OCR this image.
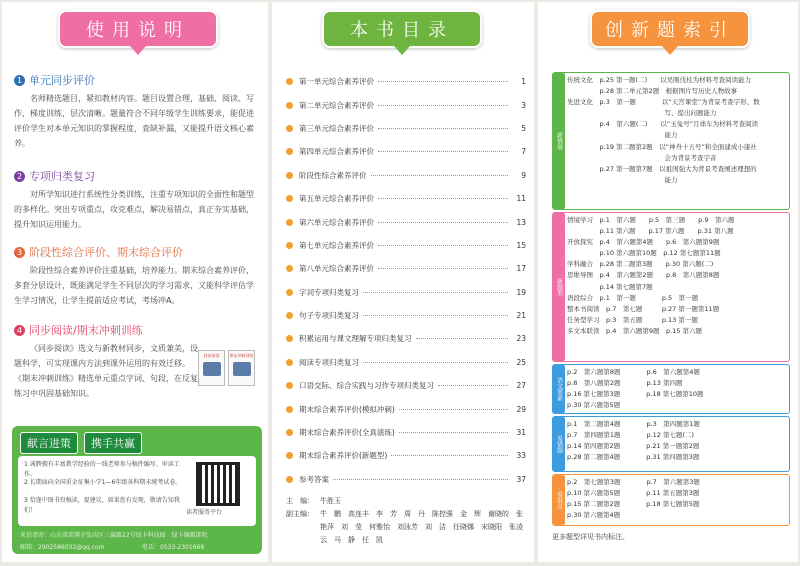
使用说明
1 单元同步评价

名师精选题目，紧扣教材内容。题目设置合理，基础、阅读、写作，梯度训练，层次清晰。题量符合不同年级学生训练要求，能促进评价学生对本单元知识的掌握程度，查缺补漏，又能提升语文核心素养。

2 专项归类复习

对所学知识进行系统性分类训练，注重专项知识的全面性和题型的多样化。突出专项重点，攻克难点，解决易错点，真正夯实基础，提升知识运用能力。

3 阶段性综合评价、期末综合评价

阶段性综合素养评价注重基础，培养能力。期末综合素养评价，多套分层设计，既能满足学生不同层次的学习需求，又能科学评估学生学习情况，让学生提前适应考试，考场冲A。

4 同步阅读/期末冲刺训练

《同步阅读》选文与新教材同步，文质兼美，设题科学，可实现课内方法到课外运用的有效迁移。《期末冲刺训练》精选单元重点字词、句段，在反复练习中巩固基础知识。

同步阅读	期末冲刺训练
献言进策	携手共赢
1 诚聘拥有丰富教学经验的一线老师参与稿件编写、审读工作。
2 长期面向全国重金征集小学1—6年级各科期末统考试卷。
3 恰逢中图书投稿读，提建议，如果您有发现，敬请告知我们！	读者服务平台
来信请寄：山东省淄博市张店区三赢路22号绿卡科技园　绿卡编辑部收
邮箱：2902586032@qq.com	电话：0533-2301668
本书目录
第一单元综合素养评价	1
第二单元综合素养评价	3
第三单元综合素养评价	5
第四单元综合素养评价	7
阶段性综合素养评价	9
第五单元综合素养评价	11
第六单元综合素养评价	13
第七单元综合素养评价	15
第八单元综合素养评价	17
字词专项归类复习	19
句子专项归类复习	21
积累运用与课文理解专项归类复习	23
阅读专项归类复习	25
口语交际、综合实践与习作专项归类复习	27
期末综合素养评价(模拟冲刺)	29
期末综合素养评价(全真演练)	31
期末综合素养评价(新题型)	33
参考答案	37
主　编： 牛胜玉
副主编： 牛　鹏　高连丰　李　芳　周　丹　陈控强　金　辉　谢晓皎　张艳萍　刘　莹　何雅怡　刘泳芳　刘　洁　任晓娜　宋晓阳　张凌云　马　静　任　凯
创新题索引
新情境
传统文化　p.25 第一题(二)　　以吴刚伐桂为材料考查阅读能力
　　　　　p.28 第二单元第2题　根据图片写历史人物故事
先进文化　p.3　第一题　　　　以“天宫课堂”为背景考查字形、数
　　　　　　　　　　　　　　　写、提出问题能力
　　　　　p.4　第六题(二)　　以“玉兔号”月球车为材料考查阅读
　　　　　　　　　　　　　　　能力
　　　　　p.19 第二题第2题　以“神舟十五号”和全面建成小康社
　　　　　　　　　　　　　　　会为背景考查字音
　　　　　p.27 第一题第7题　以祖国强大为背景考查阐述理想的
　　　　　　　　　　　　　　　能力
新题型
情境学习　p.1　第六题　　p.5　第三题　　p.9　第六题
　　　　　p.11 第六题　　p.17 第六题　　p.31 第八题
开放探究　p.4　第六题第4题　　p.6　第六题第9题
　　　　　p.10 第六题第10题　p.12 第七题第11题
学科融合　p.28 第二题第3题　　p.30 第六题(二)
思维导图　p.4　第六题第2题　　p.8　第八题第8题
　　　　　p.14 第七题第7题
语段综合　p.1　第一题　　　　p.5　第一题
整本书阅读　p.7　第七题　　　p.27 第一题第11题
任务型学习　p.3　第五题　　　p.13 第一题
多文本联读　p.4　第六题第9题　p.15 第六题
语文要素
p.2　第六题第8题　　　　p.6　第六题第4题
p.8　第八题第2题　　　　p.13 第四题
p.16 第七题第3题　　　　p.18 第七题第10题
p.30 第六题第5题
易错题
p.1　第二题第4题　　　　p.3　第四题第1题
p.7　第四题第1题　　　　p.12 第七题(二)
p.14 第四题第2题　　　　p.21 第一题第2题
p.28 第二题第4题　　　　p.31 第四题第3题
易混点
p.2　第七题第3题　　　　p.7　第六题第3题
p.10 第六题第5题　　　　p.11 第五题第3题
p.15 第二题第2题　　　　p.18 第七题第5题
p.30 第六题第4题
更多题型详见书内标注。
